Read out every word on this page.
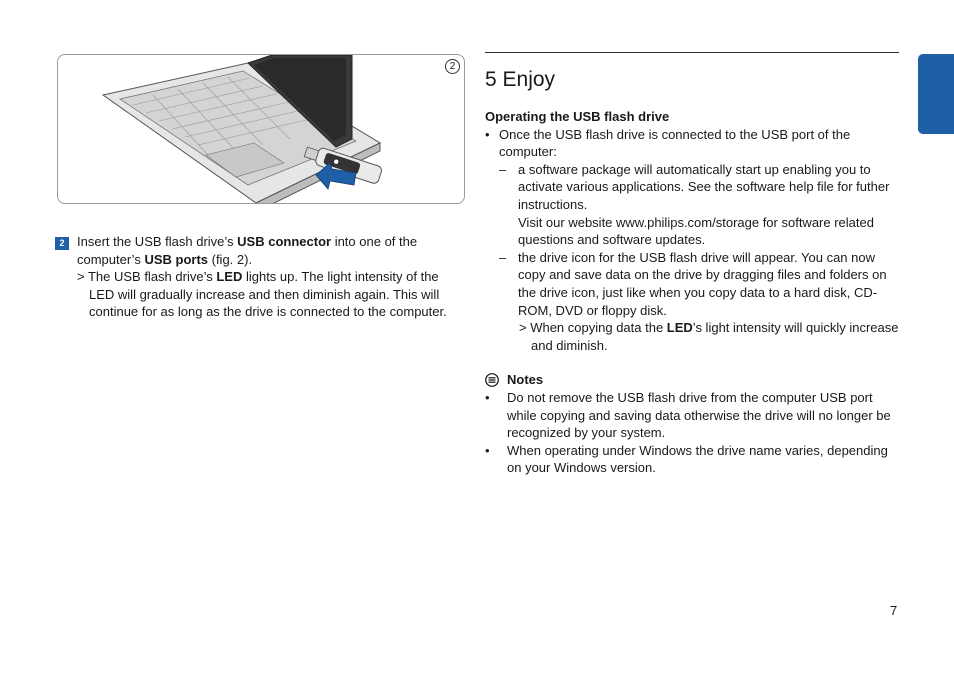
2
2 Insert the USB flash drive’s USB connector into one of the computer’s USB ports (fig. 2).
> The USB flash drive’s LED lights up. The light intensity of the LED will gradually increase and then diminish again. This will continue for as long as the drive is connected to the computer.
5 Enjoy

Operating the USB flash drive

• Once the USB flash drive is connected to the USB port of the computer:
– a software package will automatically start up enabling you to activate various applications. See the software help file for futher instructions.
Visit our website www.philips.com/storage for software related questions and software updates.
– the drive icon for the USB flash drive will appear. You can now copy and save data on the drive by dragging files and folders on the drive icon, just like when you copy data to a hard disk, CD-ROM, DVD or floppy disk.
> When copying data the LED’s light intensity will quickly increase and diminish.
Notes
• Do not remove the USB flash drive from the computer USB port while copying and saving data otherwise the drive will no longer be recognized by your system.
• When operating under Windows the drive name varies, depending on your Windows version.
ENGLISH
7
